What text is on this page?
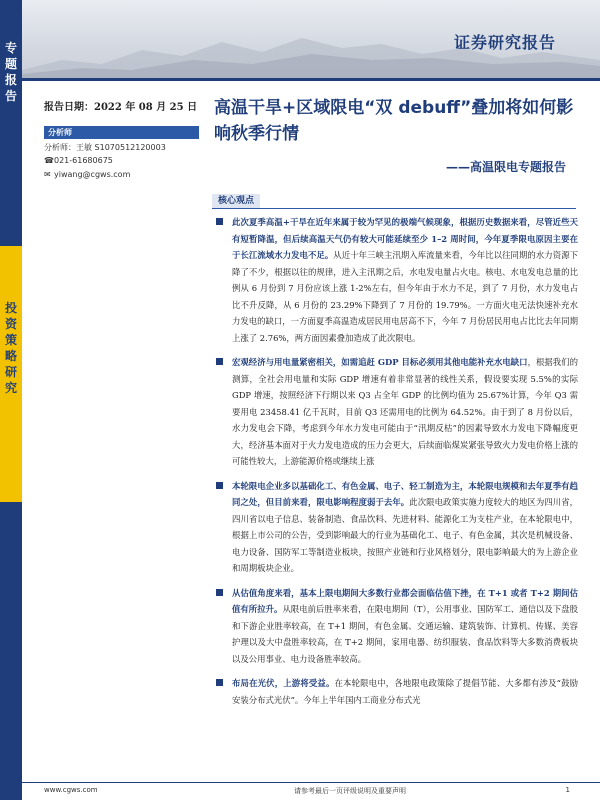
专
题
报
告
投
资
策
略
研
究
证券研究报告
报告日期：2022 年 08 月 25 日
分析师
分析师：王敏 S1070512120003
☎021-61680675
✉ yiwang@cgws.com
高温干旱+区域限电“双 debuff”叠加将如何影响秋季行情
——高温限电专题报告
核心观点
此次夏季高温+干旱在近年来属于较为罕见的极端气候现象，根据历史数据来看，尽管近些天有短暂降温，但后续高温天气仍有较大可能延续至少 1–2 周时间，今年夏季限电原因主要在于长江流域水力发电不足。从近十年三峡主汛期入库流量来看，今年比以往同期的水力资源下降了不少，根据以往的规律，进入主汛期之后，水电发电量占火电。核电、水电发电总量的比例从 6 月份到 7 月份应该上涨 1-2%左右，但今年由于水力不足，到了 7 月份，水力发电占比不升反降，从 6 月份的 23.29%下降到了 7 月份的 19.79%。一方面火电无法快速补充水力发电的缺口，一方面夏季高温造成居民用电居高不下，今年 7 月份居民用电占比比去年同期上涨了 2.76%，两方面因素叠加造成了此次限电。
宏观经济与用电量紧密相关，如需追赶 GDP 目标必须用其他电能补充水电缺口，根据我们的测算，全社会用电量和实际 GDP 增速有着非常显著的线性关系，假设要实现 5.5%的实际 GDP 增速，按照经济下行期以来 Q3 占全年 GDP 的比例均值为 25.67%计算，今年 Q3 需要用电 23458.41 亿千瓦时，目前 Q3 还需用电的比例为 64.52%。由于到了 8 月份以后，水力发电会下降，考虑到今年水力发电可能由于“汛期反枯”的因素导致水力发电下降幅度更大，经济基本面对于火力发电造成的压力会更大，后续面临煤炭紧张导致火力发电价格上涨的可能性较大，上游能源价格或继续上涨
本轮限电企业多以基础化工、有色金属、电子、轻工制造为主，本轮限电规模和去年夏季有趋同之处，但目前来看，限电影响程度弱于去年。此次限电政策实施力度较大的地区为四川省，四川省以电子信息、装备制造、食品饮料、先进材料、能源化工为支柱产业，在本轮限电中，根据上市公司的公告，受到影响最大的行业为基础化工、电子、有色金属，其次是机械设备、电力设备、国防军工等制造业板块，按照产业链和行业风格划分，限电影响最大的为上游企业和周期板块企业。
从估值角度来看，基本上限电期间大多数行业都会面临估值下挫，在 T+1 或者 T+2 期间估值有所拉升。从限电前后胜率来看，在限电期间（T），公用事业、国防军工、通信以及下盘股和下游企业胜率较高，在 T+1 期间，有色金属、交通运输、建筑装饰、计算机、传媒、美容护理以及大中盘胜率较高，在 T+2 期间，家用电器、纺织服装、食品饮料等大多数消费板块以及公用事业、电力设备胜率较高。
布局在光伏，上游将受益。在本轮限电中，各地限电政策除了提倡节能、大多都有涉及“鼓励安装分布式光伏”。今年上半年国内工商业分布式光
www.cgws.com	请参考最后一页评级说明及重要声明	1
